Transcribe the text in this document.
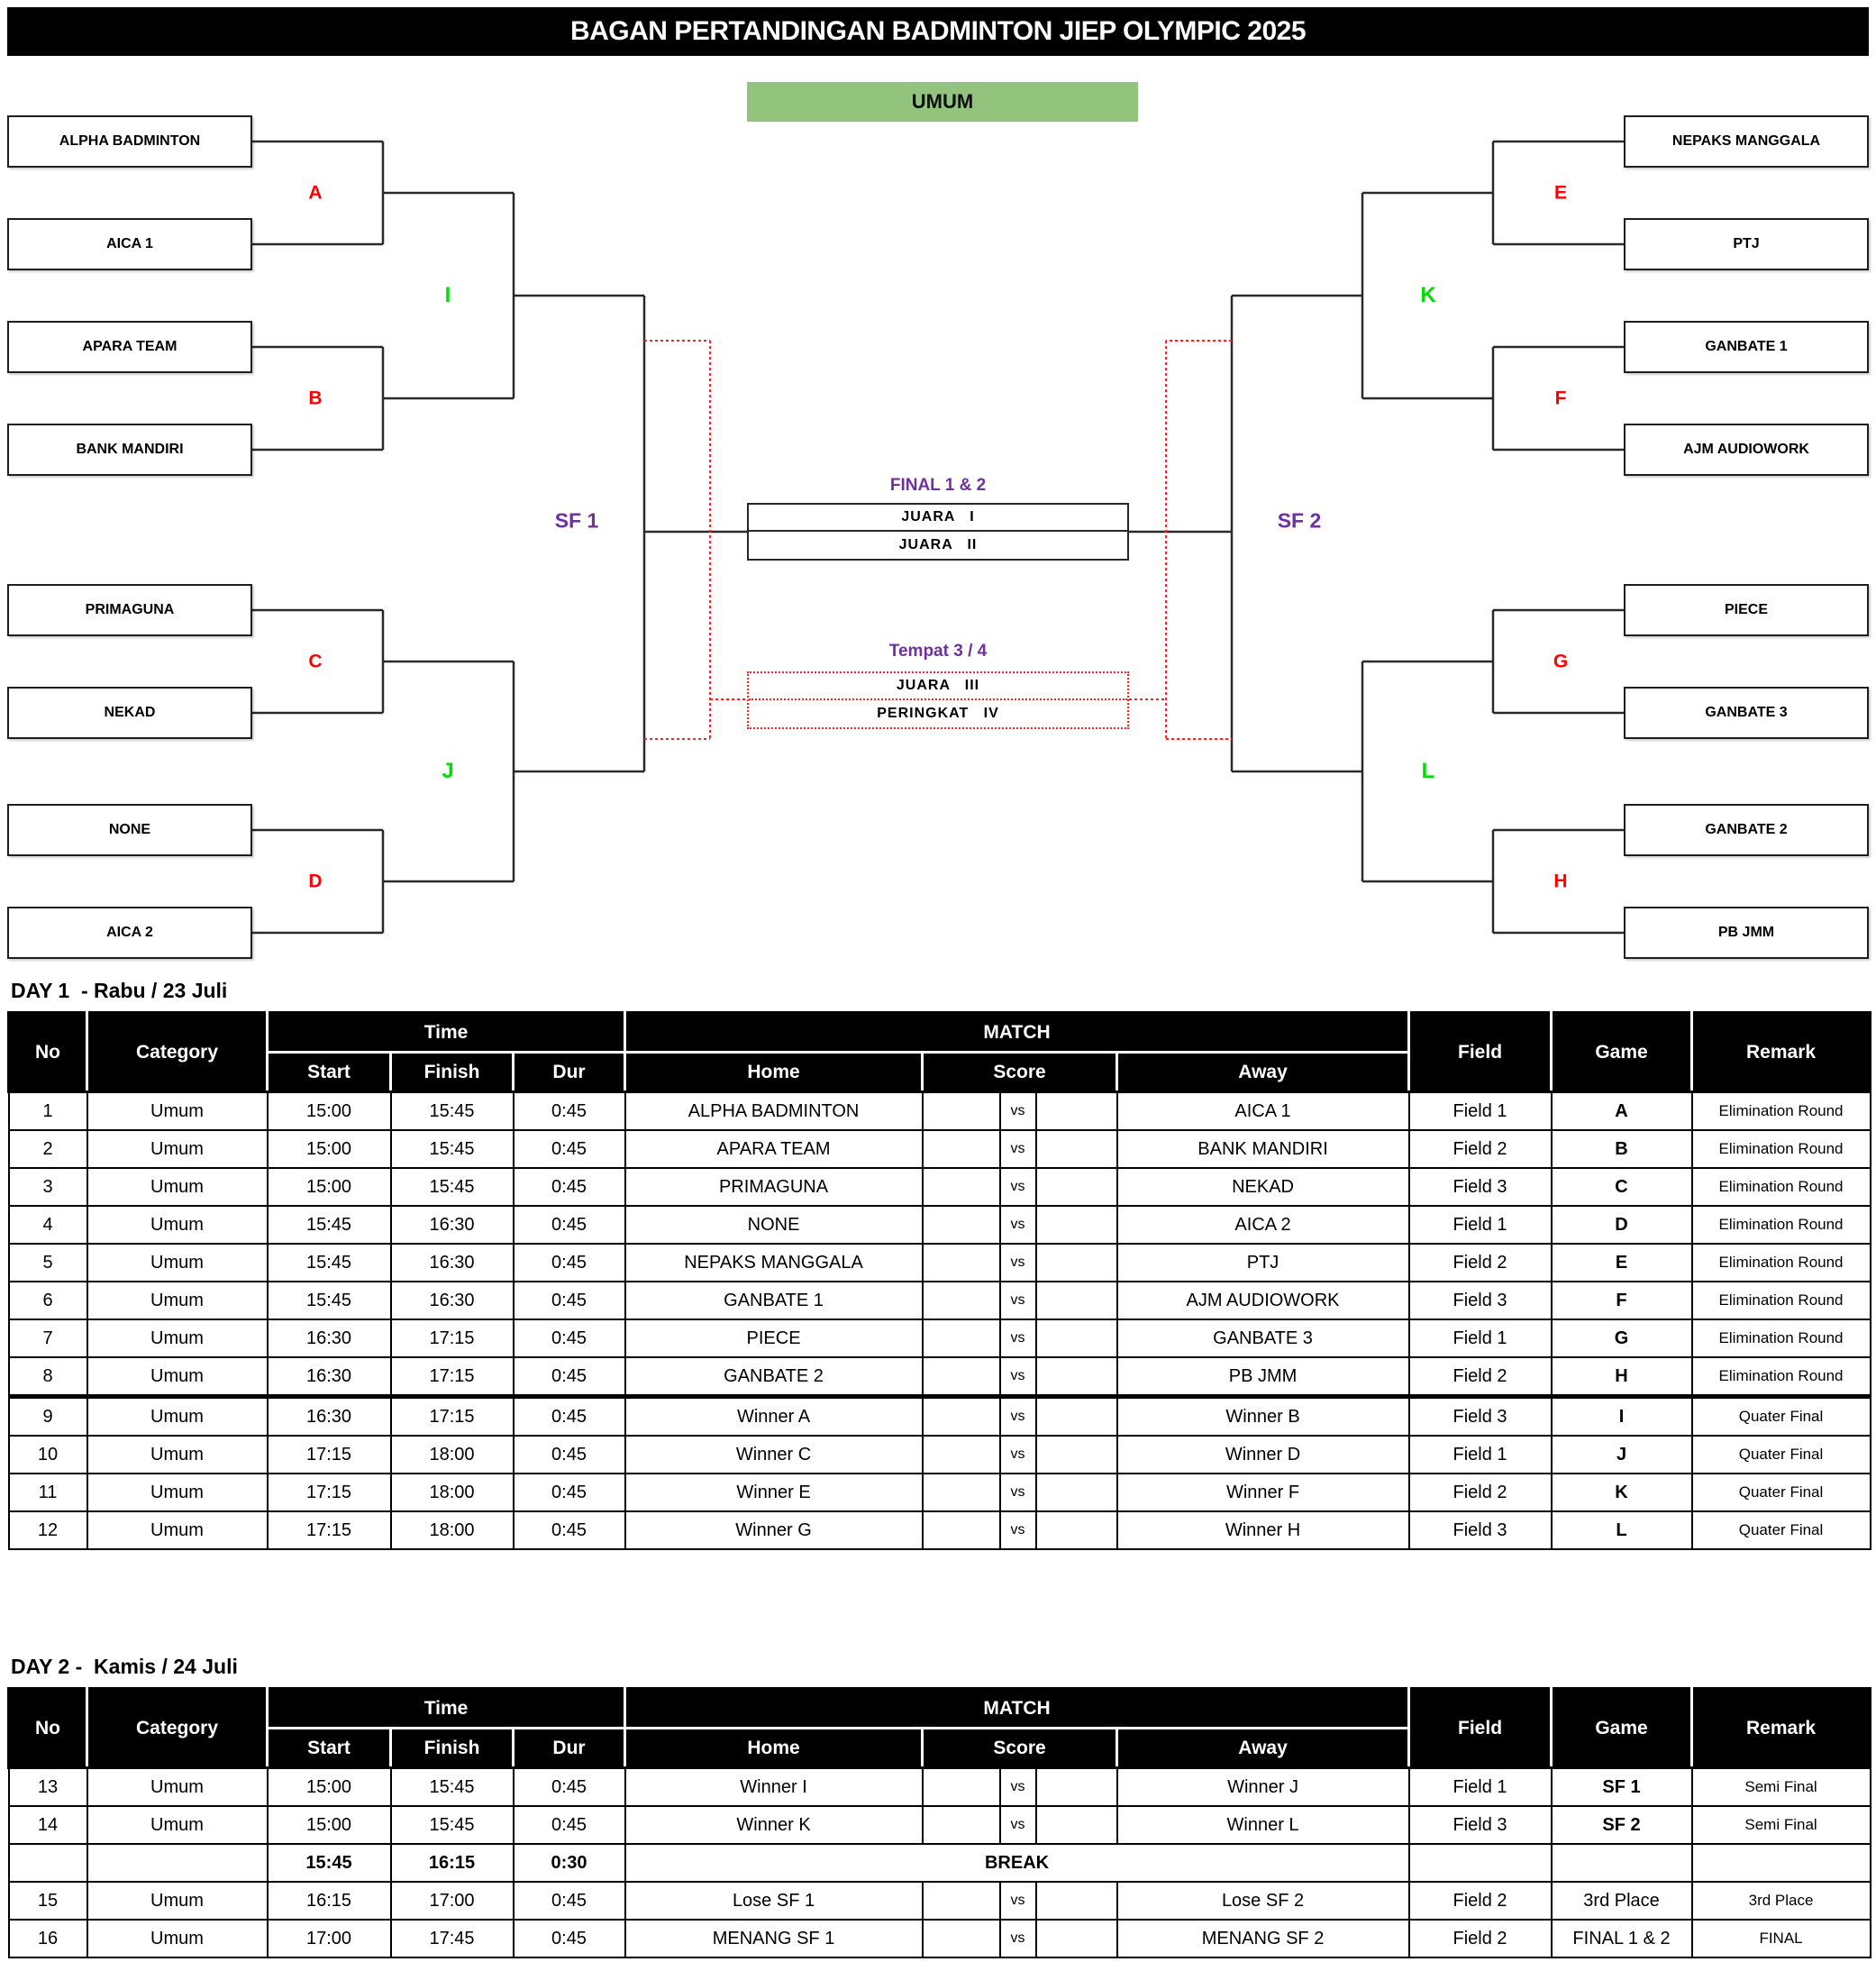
BAGAN PERTANDINGAN BADMINTON JIEP OLYMPIC 2025
UMUM
ALPHA BADMINTON
AICA 1
APARA TEAM
BANK MANDIRI
PRIMAGUNA
NEKAD
NONE
AICA 2
NEPAKS MANGGALA
PTJ
GANBATE 1
AJM AUDIOWORK
PIECE
GANBATE 3
GANBATE 2
PB JMM
A
B
C
D
E
F
G
H
I
J
K
L
SF 1	SF 2
FINAL 1 & 2
JUARA   I
JUARA   II
Tempat 3 / 4
JUARA   III
PERINGKAT   IV
DAY 1  - Rabu / 23 Juli
No	Category	Time			MATCH					Field	Game	Remark
		Start	Finish	Dur	Home	Score			Away			
1	Umum	15:00	15:45	0:45	ALPHA BADMINTON		vs		AICA 1	Field 1	A	Elimination Round
2	Umum	15:00	15:45	0:45	APARA TEAM		vs		BANK MANDIRI	Field 2	B	Elimination Round
3	Umum	15:00	15:45	0:45	PRIMAGUNA		vs		NEKAD	Field 3	C	Elimination Round
4	Umum	15:45	16:30	0:45	NONE		vs		AICA 2	Field 1	D	Elimination Round
5	Umum	15:45	16:30	0:45	NEPAKS MANGGALA		vs		PTJ	Field 2	E	Elimination Round
6	Umum	15:45	16:30	0:45	GANBATE 1		vs		AJM AUDIOWORK	Field 3	F	Elimination Round
7	Umum	16:30	17:15	0:45	PIECE		vs		GANBATE 3	Field 1	G	Elimination Round
8	Umum	16:30	17:15	0:45	GANBATE 2		vs		PB JMM	Field 2	H	Elimination Round
9	Umum	16:30	17:15	0:45	Winner A		vs		Winner B	Field 3	I	Quater Final
10	Umum	17:15	18:00	0:45	Winner C		vs		Winner D	Field 1	J	Quater Final
11	Umum	17:15	18:00	0:45	Winner E		vs		Winner F	Field 2	K	Quater Final
12	Umum	17:15	18:00	0:45	Winner G		vs		Winner H	Field 3	L	Quater Final
DAY 2 -  Kamis / 24 Juli
No	Category	Time			MATCH					Field	Game	Remark
		Start	Finish	Dur	Home	Score			Away			
13	Umum	15:00	15:45	0:45	Winner I		vs		Winner J	Field 1	SF 1	Semi Final
14	Umum	15:00	15:45	0:45	Winner K		vs		Winner L	Field 3	SF 2	Semi Final
		15:45	16:15	0:30	BREAK							
15	Umum	16:15	17:00	0:45	Lose SF 1		vs		Lose SF 2	Field 2	3rd Place	3rd Place
16	Umum	17:00	17:45	0:45	MENANG SF 1		vs		MENANG SF 2	Field 2	FINAL 1 & 2	FINAL
